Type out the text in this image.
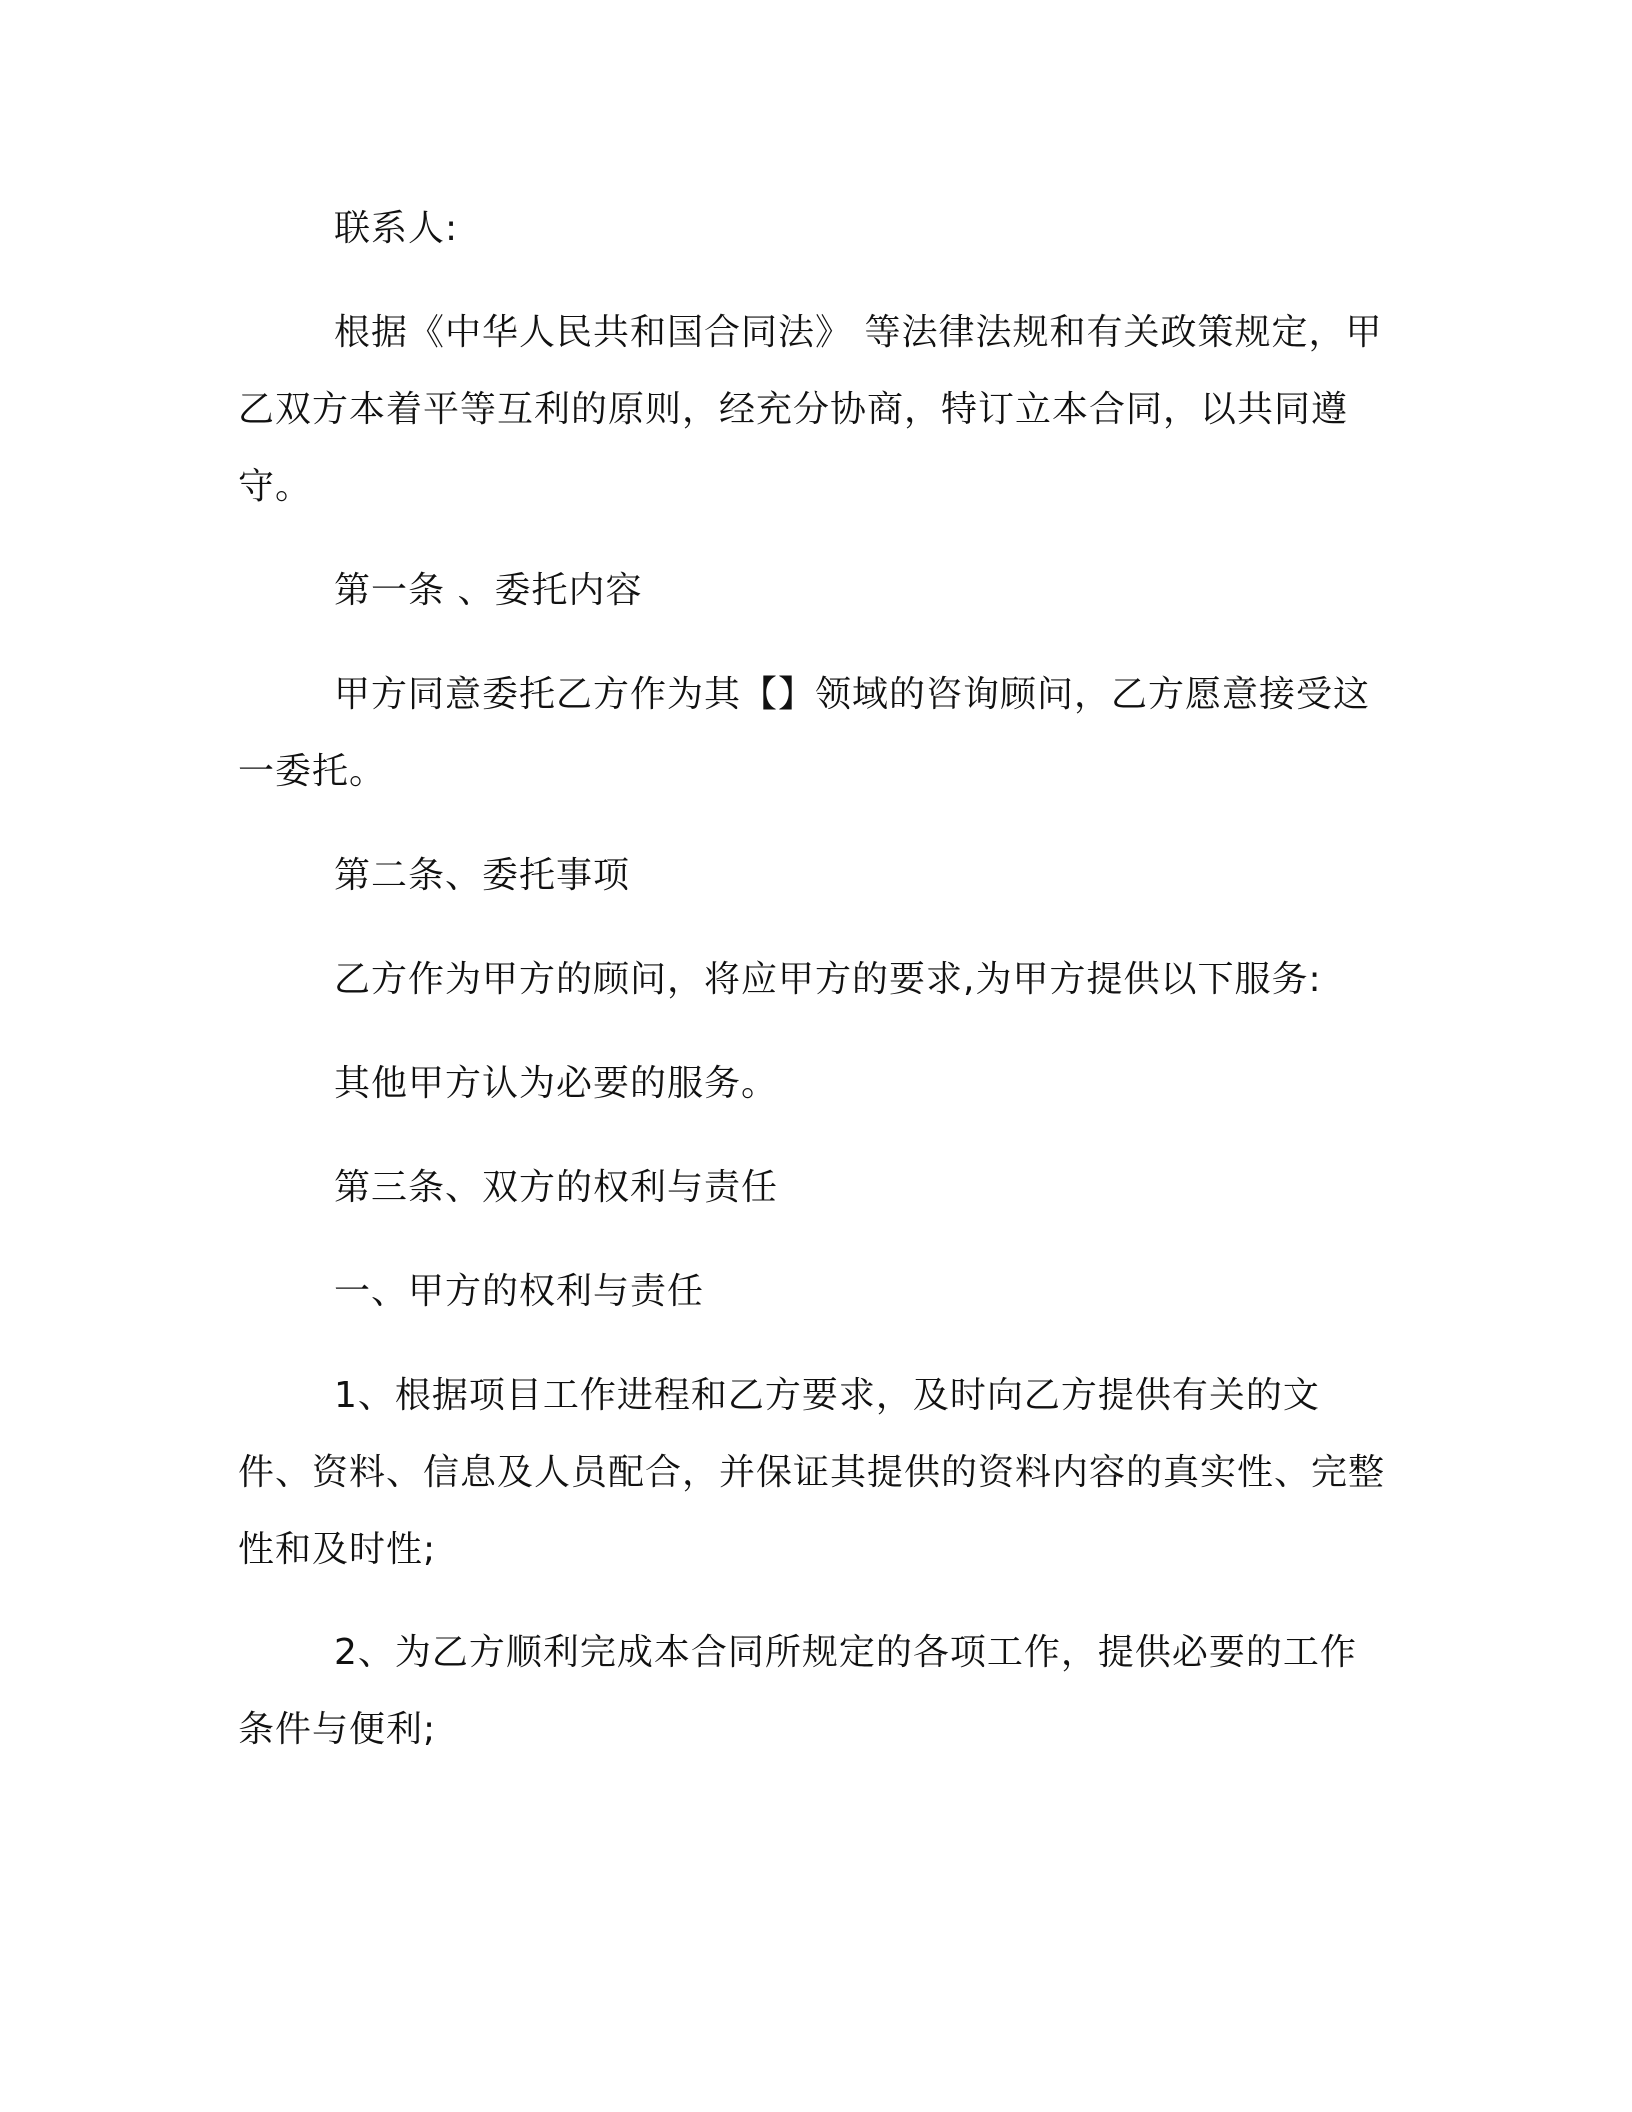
联系人:

根据《中华人民共和国合同法》 等法律法规和有关政策规定，甲乙双方本着平等互利的原则，经充分协商，特订立本合同，以共同遵守。

第一条 、委托内容

甲方同意委托乙方作为其【】领域的咨询顾问，乙方愿意接受这一委托。

第二条、委托事项

乙方作为甲方的顾问，将应甲方的要求,为甲方提供以下服务:

其他甲方认为必要的服务。

第三条、双方的权利与责任

一、甲方的权利与责任

1、根据项目工作进程和乙方要求，及时向乙方提供有关的文件、资料、信息及人员配合，并保证其提供的资料内容的真实性、完整性和及时性;

2、为乙方顺利完成本合同所规定的各项工作，提供必要的工作条件与便利;
